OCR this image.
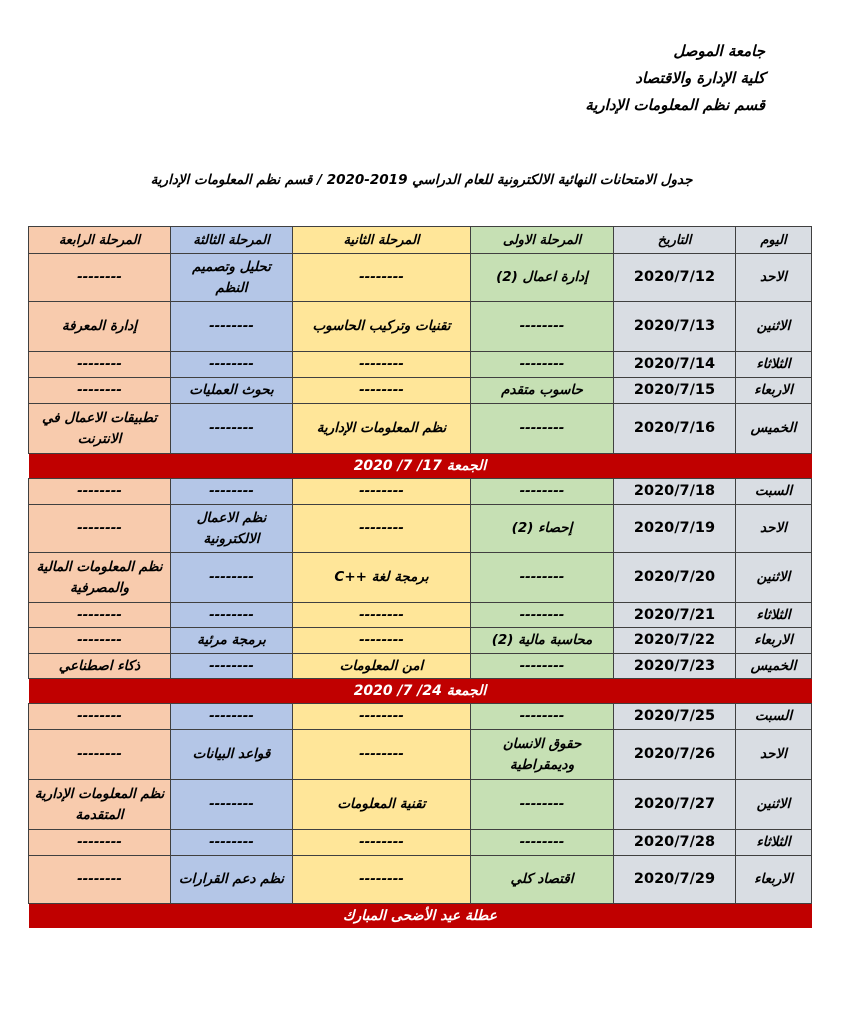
جامعة الموصل
كلية الإدارة والاقتصاد
قسم نظم المعلومات الإدارية
جدول الامتحانات النهائية الالكترونية للعام الدراسي 2019-2020 / قسم نظم المعلومات الإدارية
اليوم	التاريخ	المرحلة الاولى	المرحلة الثانية	المرحلة الثالثة	المرحلة الرابعة
الاحد	2020/7/12	إدارة اعمال (2)	--------	تحليل وتصميم النظم	--------
الاثنين	2020/7/13	--------	تقنيات وتركيب الحاسوب	--------	إدارة المعرفة
الثلاثاء	2020/7/14	--------	--------	--------	--------
الاربعاء	2020/7/15	حاسوب متقدم	--------	بحوث العمليات	--------
الخميس	2020/7/16	--------	نظم المعلومات الإدارية	--------	تطبيقات الاعمال في الانترنت
الجمعة 17/ 7/ 2020					
السبت	2020/7/18	--------	--------	--------	--------
الاحد	2020/7/19	إحصاء (2)	--------	نظم الاعمال الالكترونية	--------
الاثنين	2020/7/20	--------	برمجة لغة ++C	--------	نظم المعلومات المالية والمصرفية
الثلاثاء	2020/7/21	--------	--------	--------	--------
الاربعاء	2020/7/22	محاسبة مالية (2)	--------	برمجة مرئية	--------
الخميس	2020/7/23	--------	امن المعلومات	--------	ذكاء اصطناعي
الجمعة 24/ 7/ 2020					
السبت	2020/7/25	--------	--------	--------	--------
الاحد	2020/7/26	حقوق الانسان وديمقراطية	--------	قواعد البيانات	--------
الاثنين	2020/7/27	--------	تقنية المعلومات	--------	نظم المعلومات الإدارية المتقدمة
الثلاثاء	2020/7/28	--------	--------	--------	--------
الاربعاء	2020/7/29	اقتصاد كلي	--------	نظم دعم القرارات	--------
عطلة عيد الأضحى المبارك					
